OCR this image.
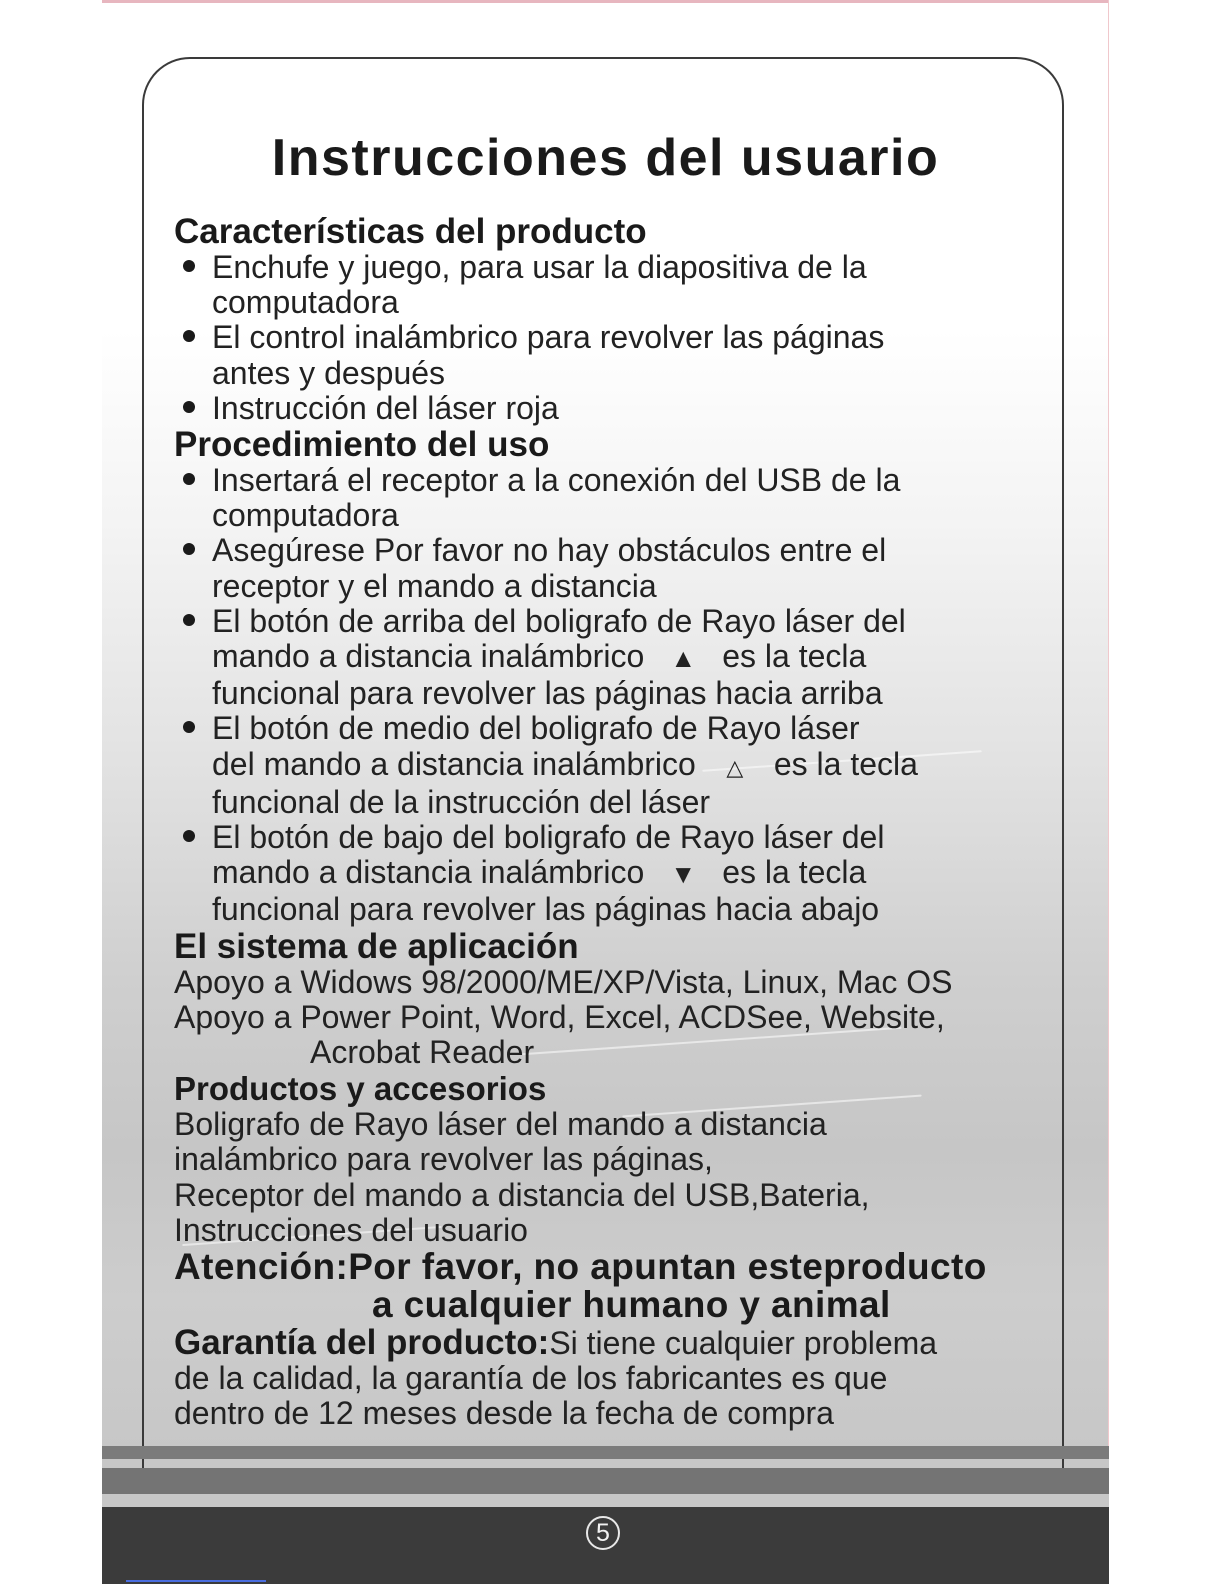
Instrucciones del usuario
Características del producto
Enchufe y juego, para usar la diapositiva de la
computadora
El control inalámbrico para revolver las páginas
antes y después
Instrucción del láser roja
Procedimiento del uso
Insertará el receptor a la conexión del USB de la
computadora
Asegúrese Por favor no hay obstáculos entre el
receptor y el mando a distancia
El botón de arriba del boligrafo de Rayo láser del
mando a distancia inalámbrico ▲ es la tecla
funcional para revolver las páginas hacia arriba
El botón de medio del boligrafo de Rayo láser
del mando a distancia inalámbrico △ es la tecla
funcional de la instrucción del láser
El botón de bajo del boligrafo de Rayo láser del
mando a distancia inalámbrico ▼ es la tecla
funcional para revolver las páginas hacia abajo
El sistema de aplicación
Apoyo a Widows 98/2000/ME/XP/Vista, Linux, Mac OS
Apoyo a Power Point, Word, Excel, ACDSee, Website,
Acrobat Reader
Productos y accesorios
Boligrafo de Rayo láser del mando a distancia
inalámbrico para revolver las páginas,
Receptor del mando a distancia del USB,Bateria,
Instrucciones del usuario
Atención:Por favor, no apuntan esteproducto
a cualquier humano y animal
Garantía del producto:Si tiene cualquier problema
de la calidad, la garantía de los fabricantes es que
dentro de 12 meses desde la fecha de compra
5
